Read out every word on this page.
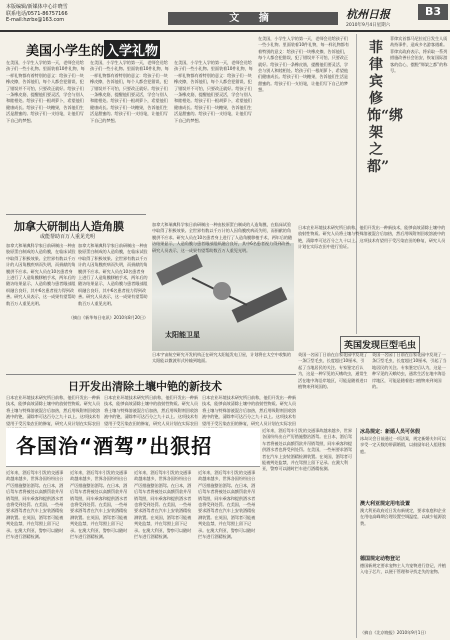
本版编辑/新媒体中心许晓雪
联系电话/0571-86757166
E-mail:hzrbx@163.com	文 摘	杭州日报	B3
2010年9月4日星期六
美国小学生的 入学礼物
在美国，小学生入学的第一天，老师会送给孩子们一些小礼物。里面装着10件礼物，每一样礼物都有着特别的意义：给孩子们一块橡皮擦，告诉他们，每个人都会犯错误，犯了错误并不可怕，只要改正就好。给孩子们一条橡皮筋，提醒他们要灵活，学会与别人和睦相处。给孩子们一根胡萝卜，希望他们健康成长。给孩子们一块糖果，告诉他们生活是甜蜜的。给孩子们一支铅笔，让他们写下自己的梦想。
在美国，小学生入学的第一天，老师会送给孩子们一些小礼物。里面装着10件礼物，每一样礼物都有着特别的意义：给孩子们一块橡皮擦，告诉他们，每个人都会犯错误，犯了错误并不可怕，只要改正就好。给孩子们一条橡皮筋，提醒他们要灵活，学会与别人和睦相处。给孩子们一根胡萝卜，希望他们健康成长。给孩子们一块糖果，告诉他们生活是甜蜜的。给孩子们一支铅笔，让他们写下自己的梦想。
在美国，小学生入学的第一天，老师会送给孩子们一些小礼物。里面装着10件礼物，每一样礼物都有着特别的意义：给孩子们一块橡皮擦，告诉他们，每个人都会犯错误，犯了错误并不可怕，只要改正就好。给孩子们一条橡皮筋，提醒他们要灵活，学会与别人和睦相处。给孩子们一根胡萝卜，希望他们健康成长。给孩子们一块糖果，告诉他们生活是甜蜜的。给孩子们一支铅笔，让他们写下自己的梦想。
在美国，小学生入学的第一天，老师会送给孩子们一些小礼物。里面装着10件礼物，每一样礼物都有着特别的意义：给孩子们一块橡皮擦，告诉他们，每个人都会犯错误，犯了错误并不可怕，只要改正就好。给孩子们一条橡皮筋，提醒他们要灵活，学会与别人和睦相处。给孩子们一根胡萝卜，希望他们健康成长。给孩子们一块糖果，告诉他们生活是甜蜜的。给孩子们一支铅笔，让他们写下自己的梦想。
菲律宾修饰“绑架之都”
菲律宾首都马尼拉近日发生人质劫持事件，造成多名游客遇难。菲律宾政府表示，将采取一系列措施改善社会治安，恢复国际游客的信心，摆脱“绑架之都”的称号。
加拿大研制出人造角膜
或能帮助百万人重见光明
加拿大和瑞典科学家日前研制出一种由胶原蛋白制成的人造角膜，在临床试验中取得了积极效果。全世界有数以千万计的人因角膜疾病而失明，而捐献的角膜供不应求。研究人员在10名患者身上进行了人造角膜移植手术，两年后的随访结果显示，人造角膜与患者眼部组织融合良好，其中6名患者视力得到改善。研究人员表示，这一成果有望帮助数百万人重见光明。
加拿大和瑞典科学家日前研制出一种由胶原蛋白制成的人造角膜，在临床试验中取得了积极效果。全世界有数以千万计的人因角膜疾病而失明，而捐献的角膜供不应求。研究人员在10名患者身上进行了人造角膜移植手术，两年后的随访结果显示，人造角膜与患者眼部组织融合良好，其中6名患者视力得到改善。研究人员表示，这一成果有望帮助数百万人重见光明。
（摘自《新华每日电讯》2010年8月20日）
太阳能卫星
日本宇宙航空研究开发机构正在研究太阳能发电卫星，计划将在太空中收集的太阳能以微波形式传输到地面。
加拿大和瑞典科学家日前研制出一种由胶原蛋白制成的人造角膜，在临床试验中取得了积极效果。全世界有数以千万计的人因角膜疾病而失明，而捐献的角膜供不应求。研究人员在10名患者身上进行了人造角膜移植手术，两年后的随访结果显示，人造角膜与患者眼部组织融合良好，其中6名患者视力得到改善。研究人员表示，这一成果有望帮助数百万人重见光明。
日本农业环境技术研究所日前称，他们开发出一种新技术，能够高效清除土壤中的放射性物质。研究人员将土壤与特殊溶液混合后加热，然后用吸附剂回收溶液中的铯，清除率可达百分之九十以上。这项技术有望用于受污染农田的修复，研究人员计划在实际农田中进行验证。
英国发现巨型毛虫
英国一名园丁日前在自家花园中发现了一条巨型毛虫，长度超过10厘米，引起了当地居民的关注。专家鉴定后认为，这是一种罕见的天蛾幼虫，通常生活在地中海沿岸地区，可能是随着进口植物来到英国的。
英国一名园丁日前在自家花园中发现了一条巨型毛虫，长度超过10厘米，引起了当地居民的关注。专家鉴定后认为，这是一种罕见的天蛾幼虫，通常生活在地中海沿岸地区，可能是随着进口植物来到英国的。
日开发出清除土壤中铯的新技术
日本农业环境技术研究所日前称，他们开发出一种新技术，能够高效清除土壤中的放射性物质。研究人员将土壤与特殊溶液混合后加热，然后用吸附剂回收溶液中的铯，清除率可达百分之九十以上。这项技术有望用于受污染农田的修复，研究人员计划在实际农田
日本农业环境技术研究所日前称，他们开发出一种新技术，能够高效清除土壤中的放射性物质。研究人员将土壤与特殊溶液混合后加热，然后用吸附剂回收溶液中的铯，清除率可达百分之九十以上。这项技术有望用于受污染农田的修复，研究人员计划在实际农田
日本农业环境技术研究所日前称，他们开发出一种新技术，能够高效清除土壤中的放射性物质。研究人员将土壤与特殊溶液混合后加热，然后用吸附剂回收溶液中的铯，清除率可达百分之九十以上。这项技术有望用于受污染农田的修复，研究人员计划在实际农田
各国治“酒驾”出狠招
近年来，酒后驾车引发的交通事故越来越多，世界各国纷纷出台严厉措施整治酒驾。在日本，酒后驾车者将被处以高额罚款并吊销驾照，同车乘客和提供酒水者也将受到处罚。在美国，一些州要求酒驾者在汽车上安装酒精检测装置。在英国，酒驾者可能被判处监禁，并在驾照上留下记录。在澳大利亚，警察可以随时拦车进行酒精检测。
近年来，酒后驾车引发的交通事故越来越多，世界各国纷纷出台严厉措施整治酒驾。在日本，酒后驾车者将被处以高额罚款并吊销驾照，同车乘客和提供酒水者也将受到处罚。在美国，一些州要求酒驾者在汽车上安装酒精检测装置。在英国，酒驾者可能被判处监禁，并在驾照上留下记录。在澳大利亚，警察可以随时拦车进行酒精检测。
近年来，酒后驾车引发的交通事故越来越多，世界各国纷纷出台严厉措施整治酒驾。在日本，酒后驾车者将被处以高额罚款并吊销驾照，同车乘客和提供酒水者也将受到处罚。在美国，一些州要求酒驾者在汽车上安装酒精检测装置。在英国，酒驾者可能被判处监禁，并在驾照上留下记录。在澳大利亚，警察可以随时拦车进行酒精检测。
近年来，酒后驾车引发的交通事故越来越多，世界各国纷纷出台严厉措施整治酒驾。在日本，酒后驾车者将被处以高额罚款并吊销驾照，同车乘客和提供酒水者也将受到处罚。在美国，一些州要求酒驾者在汽车上安装酒精检测装置。在英国，酒驾者可能被判处监禁，并在驾照上留下记录。在澳大利亚，警察可以随时拦车进行酒精检测。
近年来，酒后驾车引发的交通事故越来越多，世界各国纷纷出台严厉措施整治酒驾。在日本，酒后驾车者将被处以高额罚款并吊销驾照，同车乘客和提供酒水者也将受到处罚。在美国，一些州要求酒驾者在汽车上安装酒精检测装置。在英国，酒驾者可能被判处监禁，并在驾照上留下记录。在澳大利亚，警察可以随时拦车进行酒精检测。
冰岛规定：新婚人员可休假
冰岛议会日前通过一项法案，规定新婚夫妇可以享受一定天数的带薪婚假，以鼓励年轻人组建家庭。
澳大利亚规定用电设置
澳大利亚政府近日发布新规定，要求家庭和企业在用电高峰期合理设置空调温度，以减少能源浪费。
德国规定动物登记
德国新规定要求宠物主人为宠物进行登记，并植入电子芯片，以便于管理和寻找走失的宠物。
（摘自《北京晚报》2010年9月1日）
